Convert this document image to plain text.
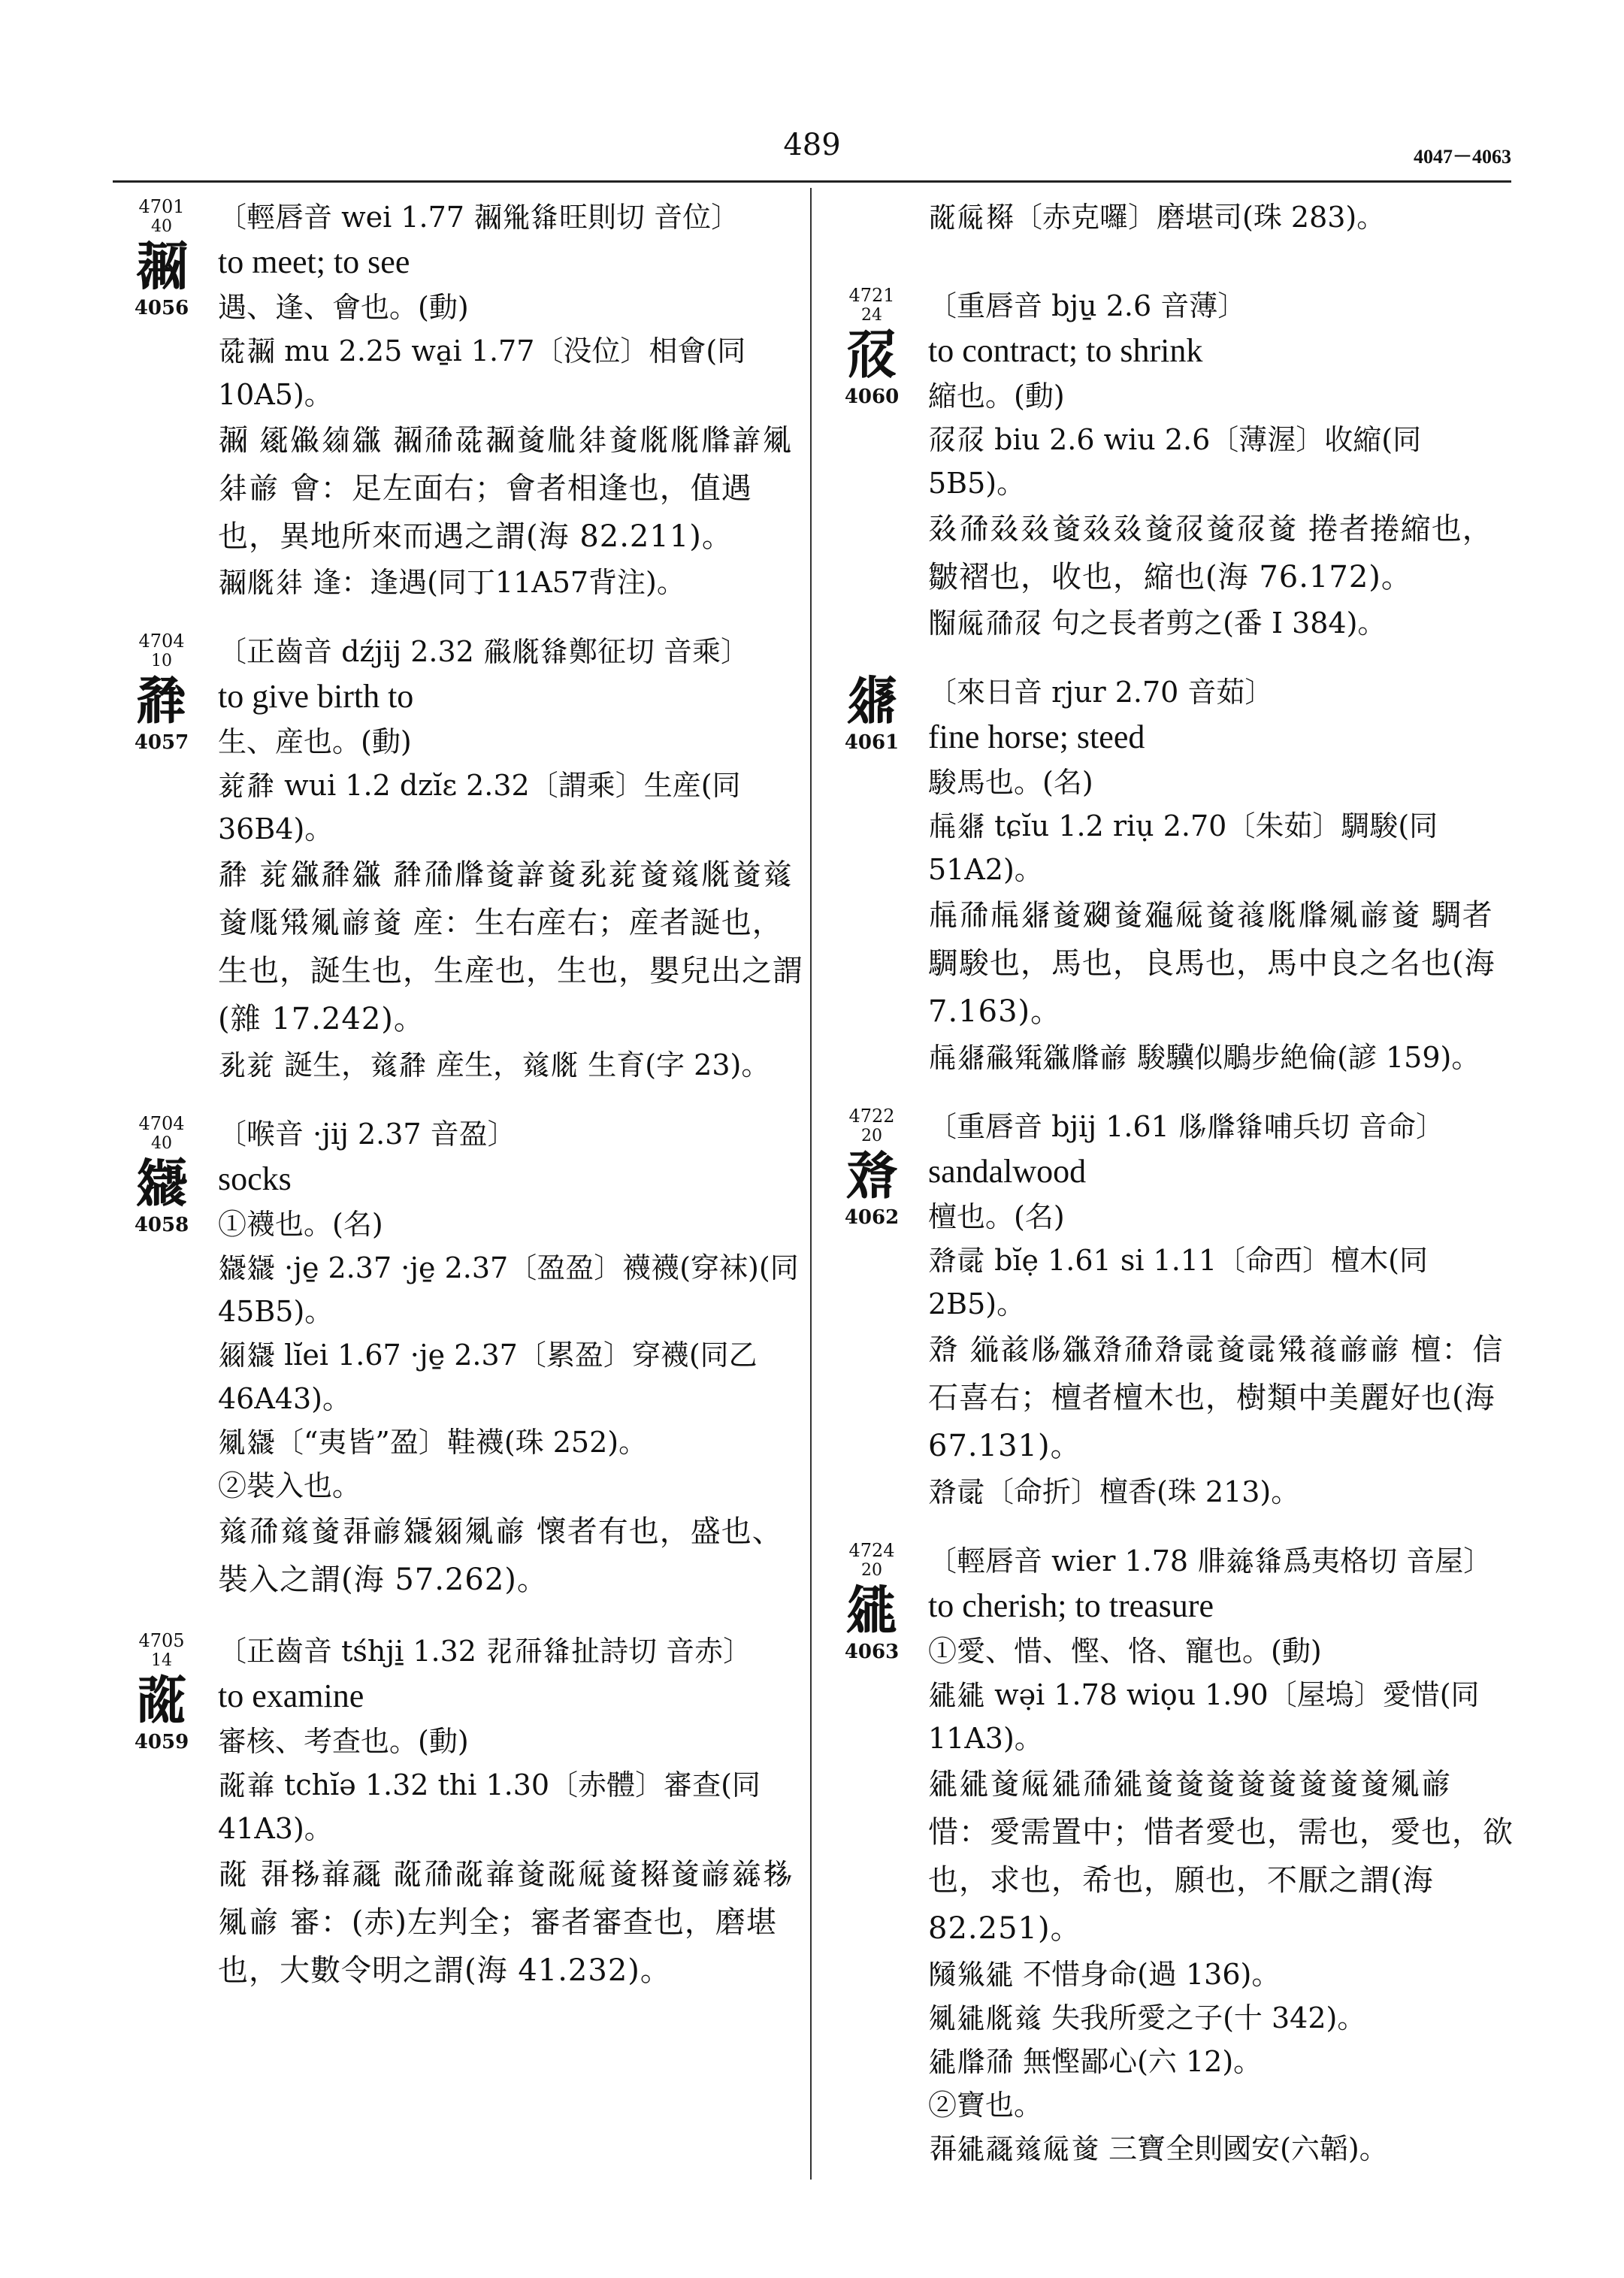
489	4047－4063
4701
40
𗗀
4056

〔輕唇音 wei 1.77 𗗀𗊴𗌭旺則切 音位〕

to meet; to see

遇、逢、會也。(動)

𗱕𗗀 mu 2.25 wa̱i 1.77〔没位〕相會(同10A5)。

𗗀 𗪉𗏹𗦻𗫡 𗗀𗗙𗱕𗗀𗒹𗄻𗢳𗒹𗅋𗅋𗆄𗓮𗏇𗢳𗑗 會：足左面右；會者相逢也，值遇也，異地所來而遇之謂(海 82.211)。

𗗀𗅋𗢳 逢：逢遇(同丁11A57背注)。

4704
10
𗴂
4057

〔正齒音 dźjij 2.32 𗗟𗅋𗌭鄭征切 音乘〕

to give birth to

生、産也。(動)

𗐱𗴂 wui 1.2 dzĭɛ 2.32〔謂乘〕生産(同36B4)。

𗴂 𗐱𗫡𗴂𗫡 𗴂𗗙𗆄𗒹𗓮𗒹𗎘𗐱𗒹𗒛𗅋𗒹𗒛𗒹𗅲𗋽𗏇𗑗𗒹 産：生右産右；産者誕也，生也，誕生也，生産也，生也，嬰兒出之謂(雜 17.242)。

𗎘𗐱 誕生，𗒛𗴂 産生，𗒛𗅋 生育(字 23)。

4704
40
𗿼
4058

〔喉音 ·jij 2.37 音盈〕

socks

①襪也。(名)

𗿼𗿼 ·je̱ 2.37 ·je̱ 2.37〔盈盈〕襪襪(穿袜)(同45B5)。

𗥃𗿼 lĭei 1.67 ·je̱ 2.37〔累盈〕穿襪(同乙46A43)。

𗏇𗿼〔“夷皆”盈〕鞋襪(珠 252)。

②裝入也。

𗒛𗗙𗒛𗒹𗖊𗑗𗿼𗥃𗏇𗑗 懷者有也，盛也、裝入之謂(海 57.262)。

4705
14
𗰞
4059

〔正齒音 tśhji̱ 1.32 𗕿𗗓𗌭扯詩切 音赤〕

to examine

審核、考查也。(動)

𗰞𗒐 tchĭə 1.32 thi 1.30〔赤體〕審查(同41A3)。

𗰞 𗖊𗈪𗒐𗹙 𗰞𗗙𗰞𗒐𗒹𗰞𗏁𗒹𗗫𗒹𗑗𗒵𗈪𗏇𗑗 審：(赤)左判全；審者審查也，磨堪也，大數令明之謂(海 41.232)。

𗰞𗏁𗗫〔赤克囉〕磨堪司(珠 283)。

4721
24
𗗘
4060

〔重唇音 bju̱ 2.6 音薄〕

to contract; to shrink

縮也。(動)

𗗘𗗘 biu 2.6 wiu 2.6〔薄渥〕收縮(同5B5)。

𗡮𗗙𗡮𗡮𗒹𗡮𗡮𗒹𗗘𗒹𗗘𗒹 捲者捲縮也，皺褶也，收也，縮也(海 76.172)。

𗂰𗏁𗗙𗗘 句之長者剪之(番 I 384)。

𗤌
4061

〔來日音 rjur 2.70 音茹〕

fine horse; steed

駿馬也。(名)

𗍫𗤌 tɕĭu 1.2 riụ 2.70〔朱茹〕騆駿(同51A2)。

𗍫𗗙𗍫𗤌𗒹𗡩𗒹𗘃𗏁𗒹𗒯𗅋𗆄𗏇𗑗𗒹 騆者騆駿也，馬也，良馬也，馬中良之名也(海 7.163)。

𗍫𗤌𗗟𗋕𗫡𗆄𗑗 駿驥似鵰步絶倫(諺 159)。

4722
20
𗰫
4062

〔重唇音 bjij 1.61 𗄵𗆄𗌭哺兵切 音命〕

sandalwood

檀也。(名)

𗰫𗕑 bĭẹ 1.61 si 1.11〔命西〕檀木(同2B5)。

𗰫 𗥤𗒓𗄵𗫡𗰫𗗙𗰫𗕑𗒹𗕑𗋽𗒯𗑗𗑗 檀：信石喜右；檀者檀木也，樹類中美麗好也(海 67.131)。

𗰫𗕑〔命折〕檀香(珠 213)。

4724
20
𗧓
4063

〔輕唇音 wier 1.78 𗄰𗒵𗌭爲夷格切 音屋〕

to cherish; to treasure

①愛、惜、慳、恪、寵也。(動)

𗧓𗧓 wə̣i 1.78 wiọu 1.90〔屋塢〕愛惜(同11A3)。

𗧓𗧓𗒹𗏁𗧓𗗙𗧓𗒹𗒹𗒹𗒹𗒹𗒹𗒹𗒹𗏇𗑗 惜：愛需置中；惜者愛也，需也，愛也，欲也，求也，希也，願也，不厭之謂(海 82.251)。

𗂧𗊱𗧓 不惜身命(過 136)。

𗏇𗧓𗅋𗒛 失我所愛之子(十 342)。

𗧓𗆄𗗙 無慳鄙心(六 12)。

②寶也。

𗖊𗧓𗹙𗒛𗏁𗒹 三寶全則國安(六韜)。
